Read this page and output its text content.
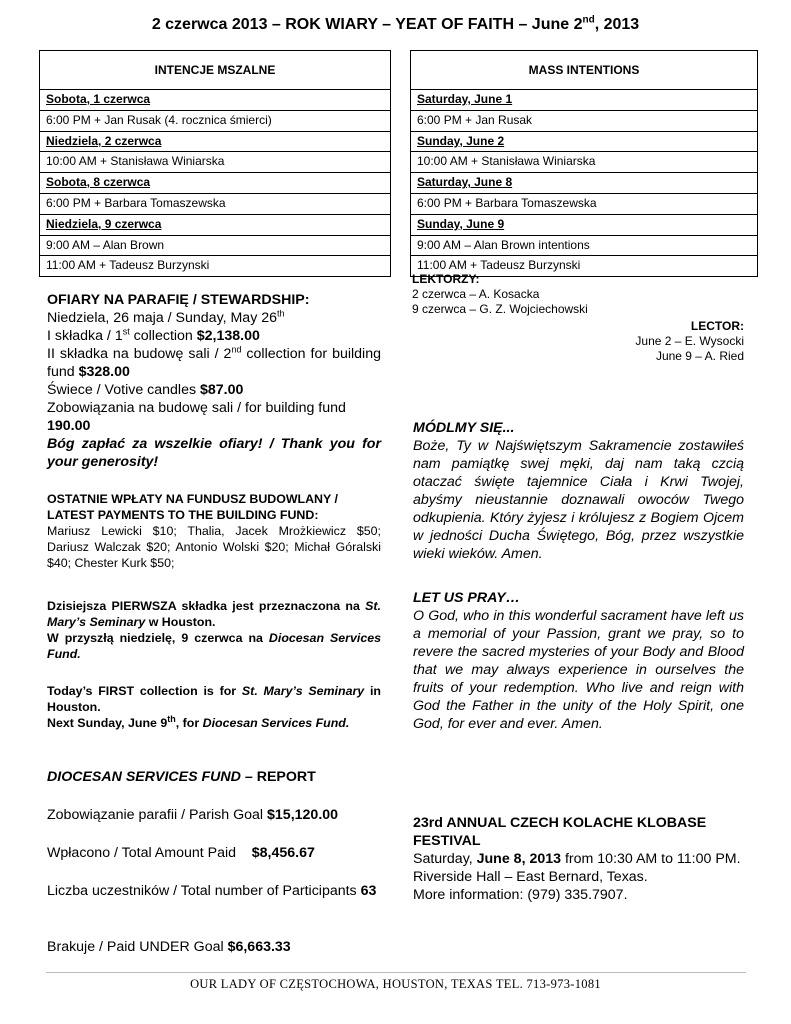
2 czerwca 2013 – ROK WIARY – YEAT OF FAITH – June 2nd, 2013
INTENCJE MSZALNE
Sobota, 1 czerwca
6:00 PM + Jan Rusak (4. rocznica śmierci)
Niedziela, 2 czerwca
10:00 AM + Stanisława Winiarska
Sobota, 8 czerwca
6:00 PM + Barbara Tomaszewska
Niedziela, 9 czerwca
9:00 AM – Alan Brown
11:00 AM + Tadeusz Burzynski
MASS INTENTIONS
Saturday, June 1
6:00 PM + Jan Rusak
Sunday, June 2
10:00 AM + Stanisława Winiarska
Saturday, June 8
6:00 PM + Barbara Tomaszewska
Sunday, June 9
9:00 AM – Alan Brown intentions
11:00 AM + Tadeusz Burzynski
LEKTORZY:
2 czerwca – A. Kosacka
9 czerwca – G. Z. Wojciechowski
LECTOR:
June 2 – E. Wysocki
June 9 – A. Ried
OFIARY NA PARAFIĘ / STEWARDSHIP:
Niedziela, 26 maja / Sunday, May 26th
I składka / 1st collection $2,138.00
II składka na budowę sali / 2nd collection for building fund $328.00
Świece / Votive candles $87.00
Zobowiązania na budowę sali / for building fund 190.00
Bóg zapłać za wszelkie ofiary! / Thank you for your generosity!
OSTATNIE WPŁATY NA FUNDUSZ BUDOWLANY / LATEST PAYMENTS TO THE BUILDING FUND:
Mariusz Lewicki $10; Thalia, Jacek Mrożkiewicz $50; Dariusz Walczak $20; Antonio Wolski $20; Michał Góralski $40; Chester Kurk $50;
Dzisiejsza PIERWSZA składka jest przeznaczona na St. Mary’s Seminary w Houston.
W przyszłą niedzielę, 9 czerwca na Diocesan Services Fund.
Today’s FIRST collection is for St. Mary’s Seminary in Houston.
Next Sunday, June 9th, for Diocesan Services Fund.
DIOCESAN SERVICES FUND – REPORT
Zobowiązanie parafii / Parish Goal $15,120.00
Wpłacono / Total Amount Paid    $8,456.67
Liczba uczestników / Total number of Participants 63
Brakuje / Paid UNDER Goal $6,663.33
MÓDLMY SIĘ...
Boże, Ty w Najświętszym Sakramencie zostawiłeś nam pamiątkę swej męki, daj nam taką czcią otaczać święte tajemnice Ciała i Krwi Twojej, abyśmy nieustannie doznawali owoców Twego odkupienia. Który żyjesz i królujesz z Bogiem Ojcem w jedności Ducha Świętego, Bóg, przez wszystkie wieki wieków. Amen.
LET US PRAY…
O God, who in this wonderful sacrament have left us a memorial of your Passion, grant we pray, so to revere the sacred mysteries of your Body and Blood that we may always experience in ourselves the fruits of your redemption. Who live and reign with God the Father in the unity of the Holy Spirit, one God, for ever and ever. Amen.
23rd ANNUAL CZECH KOLACHE KLOBASE FESTIVAL
Saturday, June 8, 2013 from 10:30 AM to 11:00 PM.
Riverside Hall – East Bernard, Texas.
More information: (979) 335.7907.
OUR LADY OF CZĘSTOCHOWA, HOUSTON, TEXAS TEL. 713-973-1081
